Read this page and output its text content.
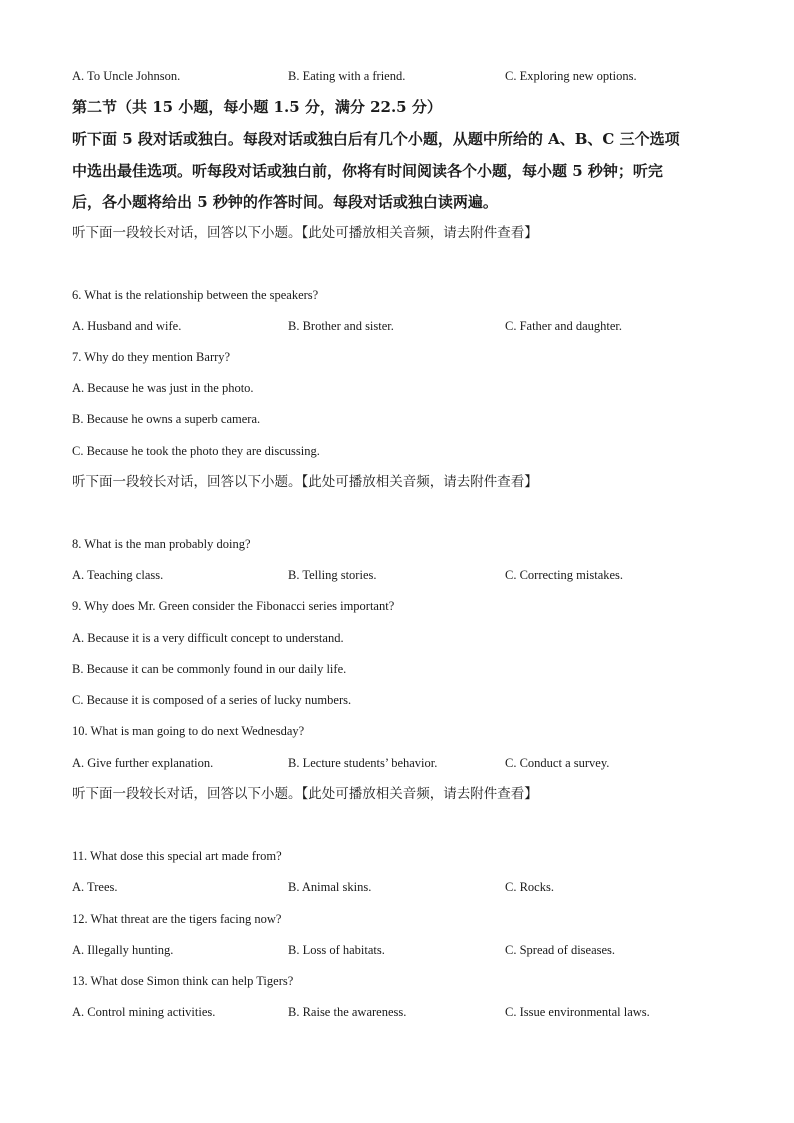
A. To Uncle Johnson.	B. Eating with a friend.	C. Exploring new options.
第二节（共 15 小题，每小题 1.5 分，满分 22.5 分）
听下面 5 段对话或独白。每段对话或独白后有几个小题，从题中所给的 A、B、C 三个选项
中选出最佳选项。听每段对话或独白前，你将有时间阅读各个小题，每小题 5 秒钟；听完
后，各小题将给出 5 秒钟的作答时间。每段对话或独白读两遍。
听下面一段较长对话，回答以下小题。【此处可播放相关音频，请去附件查看】
6. What is the relationship between the speakers?
A. Husband and wife.	B. Brother and sister.	C. Father and daughter.
7. Why do they mention Barry?
A. Because he was just in the photo.
B. Because he owns a superb camera.
C. Because he took the photo they are discussing.
听下面一段较长对话，回答以下小题。【此处可播放相关音频，请去附件查看】
8. What is the man probably doing?
A. Teaching class.	B. Telling stories.	C. Correcting mistakes.
9. Why does Mr. Green consider the Fibonacci series important?
A. Because it is a very difficult concept to understand.
B. Because it can be commonly found in our daily life.
C. Because it is composed of a series of lucky numbers.
10. What is man going to do next Wednesday?
A. Give further explanation.	B. Lecture students’ behavior.	C. Conduct a survey.
听下面一段较长对话，回答以下小题。【此处可播放相关音频，请去附件查看】
11. What dose this special art made from?
A. Trees.	B. Animal skins.	C. Rocks.
12. What threat are the tigers facing now?
A. Illegally hunting.	B. Loss of habitats.	C. Spread of diseases.
13. What dose Simon think can help Tigers?
A. Control mining activities.	B. Raise the awareness.	C. Issue environmental laws.
